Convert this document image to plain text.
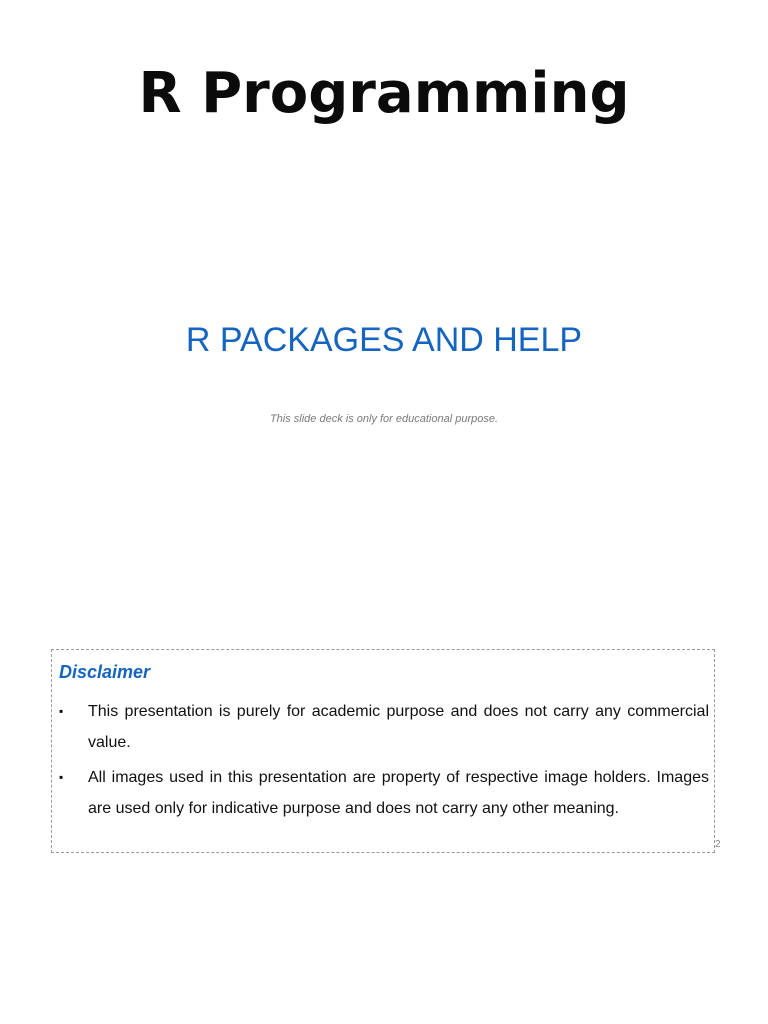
R Programming
R PACKAGES AND HELP
This slide deck is only for educational purpose.
Disclaimer
▪	This presentation is purely for academic purpose and does not carry any commercial value.
▪	All images used in this presentation are property of respective image holders. Images are used only for indicative purpose and does not carry any other meaning.
2
